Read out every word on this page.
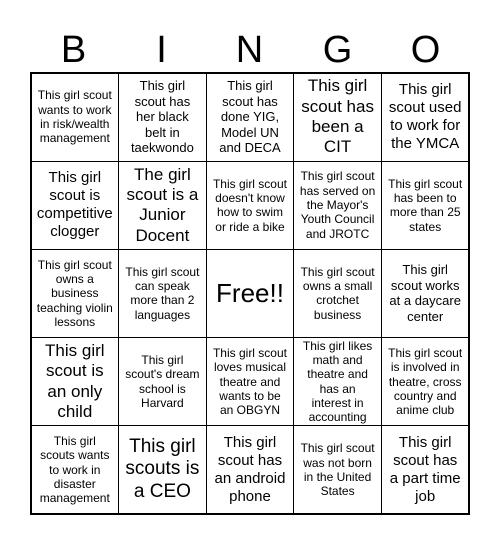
B	I	N	G	O
This girl scout wants to work in risk/wealth management
This girl scout has her black belt in taekwondo
This girl scout has done YIG, Model UN and DECA
This girl scout has been a CIT
This girl scout used to work for the YMCA
This girl scout is competitive clogger
The girl scout is a Junior Docent
This girl scout doesn't know how to swim or ride a bike
This girl scout has served on the Mayor's Youth Council and JROTC
This girl scout has been to more than 25 states
This girl scout owns a business teaching violin lessons
This girl scout can speak more than 2 languages
Free!!
This girl scout owns a small crotchet business
This girl scout works at a daycare center
This girl scout is an only child
This girl scout's dream school is Harvard
This girl scout loves musical theatre and wants to be an OBGYN
This girl likes math and theatre and has an interest in accounting
This girl scout is involved in theatre, cross country and anime club
This girl scouts wants to work in disaster management
This girl scouts is a CEO
This girl scout has an android phone
This girl scout was not born in the United States
This girl scout has a part time job
